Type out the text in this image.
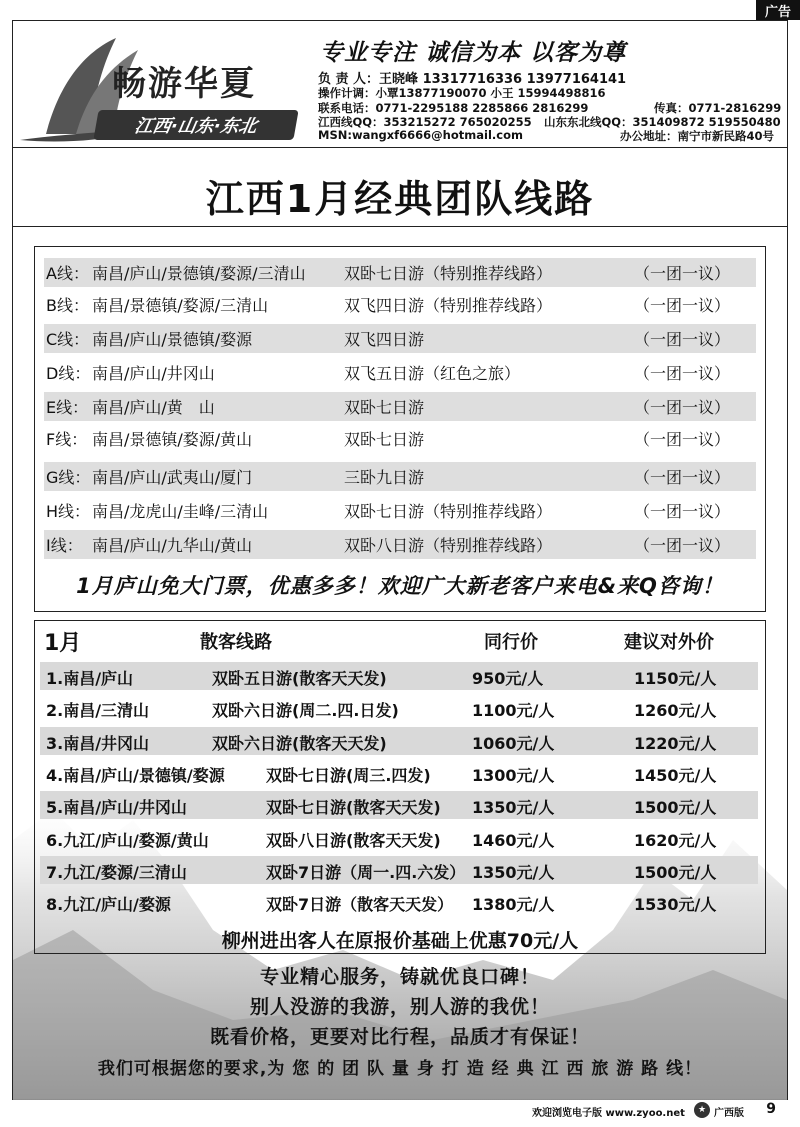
广告
畅游华夏
江西·山东·东北
专业专注 诚信为本 以客为尊
负 责 人：王晓峰 13317716336 13977164141
操作计调：小覃13877190070 小王 15994498816
联系电话：0771-2295188 2285866 2816299	传真：0771-2816299
江西线QQ：353215272 765020255 山东东北线QQ：351409872 519550480
MSN:wangxf6666@hotmail.com	办公地址：南宁市新民路40号
江西1月经典团队线路
A线： 南昌/庐山/景德镇/婺源/三清山 双卧七日游（特别推荐线路）	（一团一议）
B线： 南昌/景德镇/婺源/三清山	双飞四日游（特别推荐线路）	（一团一议）
C线： 南昌/庐山/景德镇/婺源	双飞四日游	（一团一议）
D线： 南昌/庐山/井冈山	双飞五日游（红色之旅）	（一团一议）
E线： 南昌/庐山/黄　山	双卧七日游	（一团一议）
F线： 南昌/景德镇/婺源/黄山	双卧七日游	（一团一议）
G线： 南昌/庐山/武夷山/厦门	三卧九日游	（一团一议）
H线： 南昌/龙虎山/圭峰/三清山	双卧七日游（特别推荐线路）	（一团一议）
I线： 南昌/庐山/九华山/黄山	双卧八日游（特别推荐线路）	（一团一议）
1月庐山免大门票，优惠多多！欢迎广大新老客户来电&来Q咨询！
1月	散客线路	同行价	建议对外价
1.南昌/庐山	双卧五日游(散客天天发)	950元/人	1150元/人
2.南昌/三清山	双卧六日游(周二.四.日发)	1100元/人	1260元/人
3.南昌/井冈山	双卧六日游(散客天天发)	1060元/人	1220元/人
4.南昌/庐山/景德镇/婺源	双卧七日游(周三.四发)	1300元/人	1450元/人
5.南昌/庐山/井冈山	双卧七日游(散客天天发) 1350元/人	1500元/人
6.九江/庐山/婺源/黄山	双卧八日游(散客天天发) 1460元/人	1620元/人
7.九江/婺源/三清山	双卧7日游（周一.四.六发） 1350元/人	1500元/人
8.九江/庐山/婺源	双卧7日游（散客天天发） 1380元/人	1530元/人
柳州进出客人在原报价基础上优惠70元/人
专业精心服务，铸就优良口碑！
别人没游的我游，别人游的我优！
既看价格，更要对比行程，品质才有保证！
我们可根据您的要求,为 您 的 团 队 量 身 打 造 经 典 江 西 旅 游 路 线！
欢迎浏览电子版 www.zyoo.net	★ 广西版 9
